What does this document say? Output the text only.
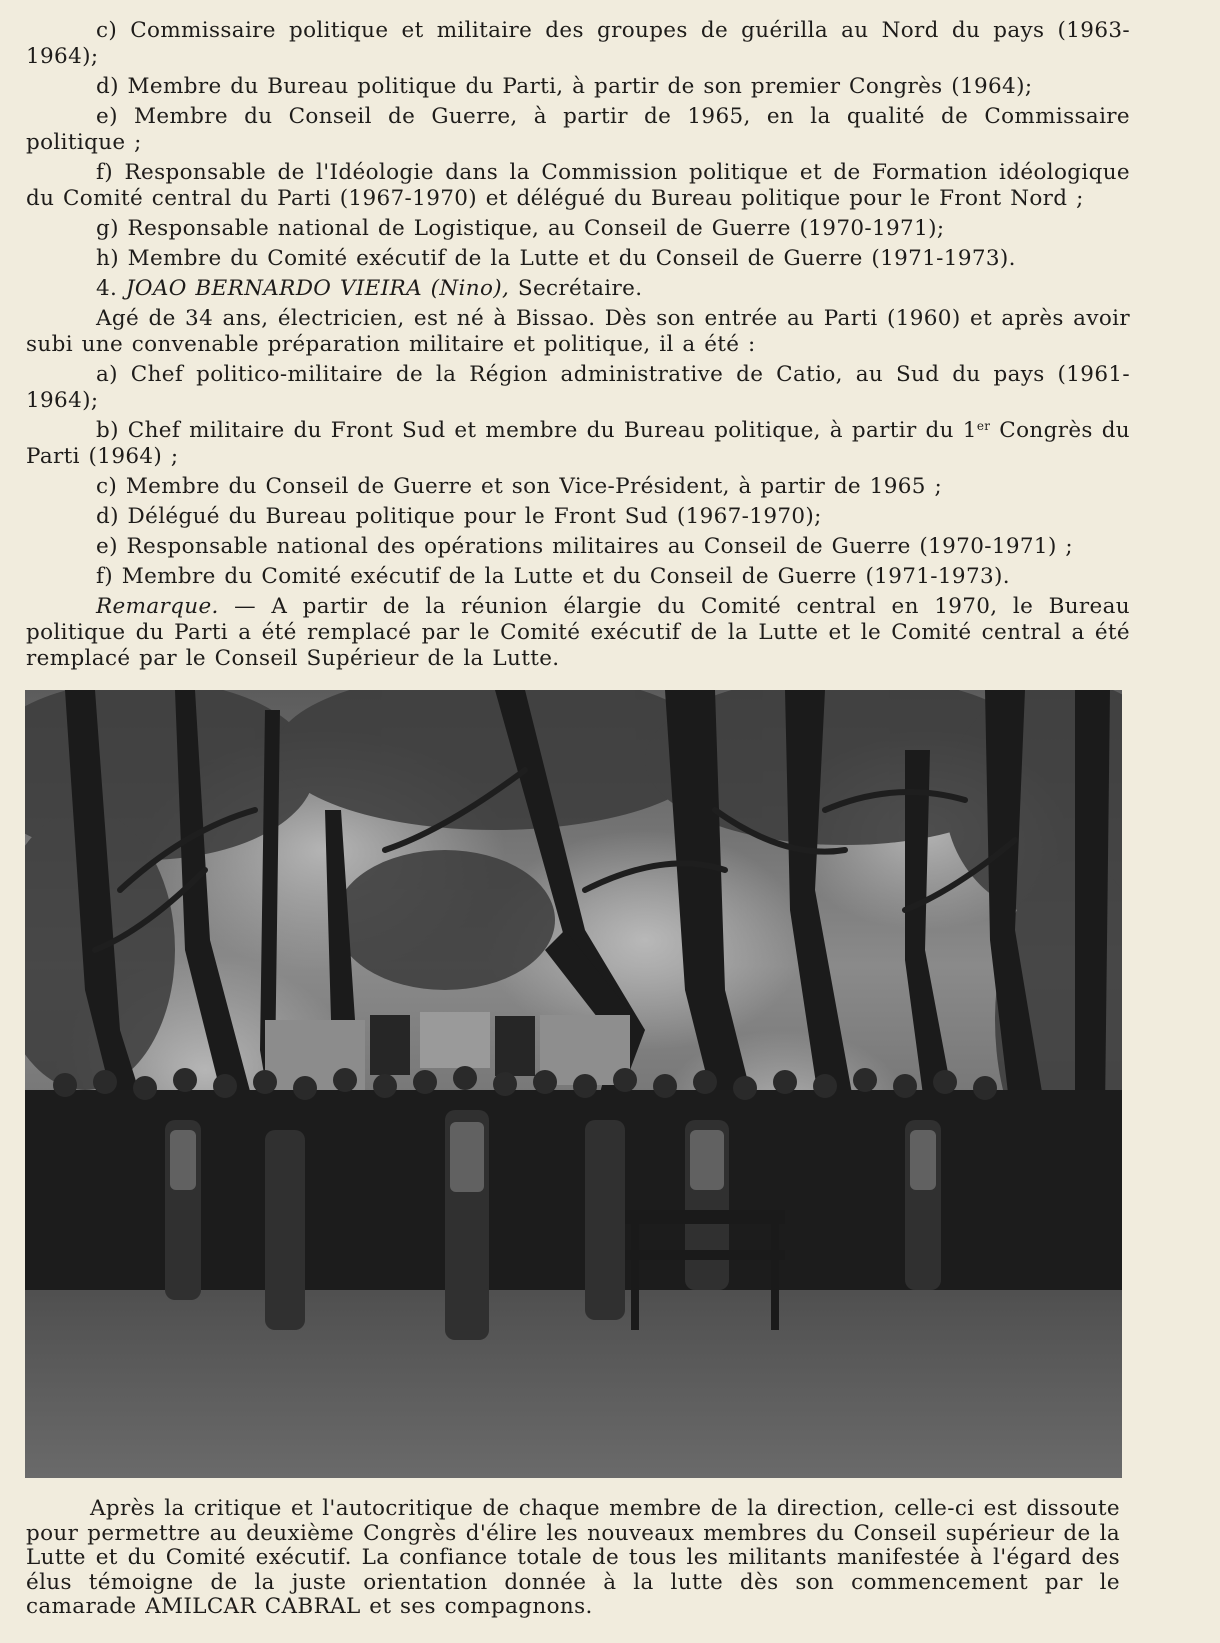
c) Commissaire politique et militaire des groupes de guérilla au Nord du pays (1963-1964);

d) Membre du Bureau politique du Parti, à partir de son premier Congrès (1964);

e) Membre du Conseil de Guerre, à partir de 1965, en la qualité de Commissaire politique ;

f) Responsable de l'Idéologie dans la Commission politique et de Formation idéologique du Comité central du Parti (1967-1970) et délégué du Bureau politique pour le Front Nord ;

g) Responsable national de Logistique, au Conseil de Guerre (1970-1971);

h) Membre du Comité exécutif de la Lutte et du Conseil de Guerre (1971-1973).

4. JOAO BERNARDO VIEIRA (Nino), Secrétaire.

Agé de 34 ans, électricien, est né à Bissao. Dès son entrée au Parti (1960) et après avoir subi une convenable préparation militaire et politique, il a été :

a) Chef politico-militaire de la Région administrative de Catio, au Sud du pays (1961-1964);

b) Chef militaire du Front Sud et membre du Bureau politique, à partir du 1er Congrès du Parti (1964) ;

c) Membre du Conseil de Guerre et son Vice-Président, à partir de 1965 ;

d) Délégué du Bureau politique pour le Front Sud (1967-1970);

e) Responsable national des opérations militaires au Conseil de Guerre (1970-1971) ;

f) Membre du Comité exécutif de la Lutte et du Conseil de Guerre (1971-1973).

Remarque. — A partir de la réunion élargie du Comité central en 1970, le Bureau politique du Parti a été remplacé par le Comité exécutif de la Lutte et le Comité central a été remplacé par le Conseil Supérieur de la Lutte.

Après la critique et l'autocritique de chaque membre de la direction, celle-ci est dissoute pour permettre au deuxième Congrès d'élire les nouveaux membres du Conseil supérieur de la Lutte et du Comité exécutif. La confiance totale de tous les militants manifestée à l'égard des élus témoigne de la juste orientation donnée à la lutte dès son commencement par le camarade AMILCAR CABRAL et ses compagnons.
